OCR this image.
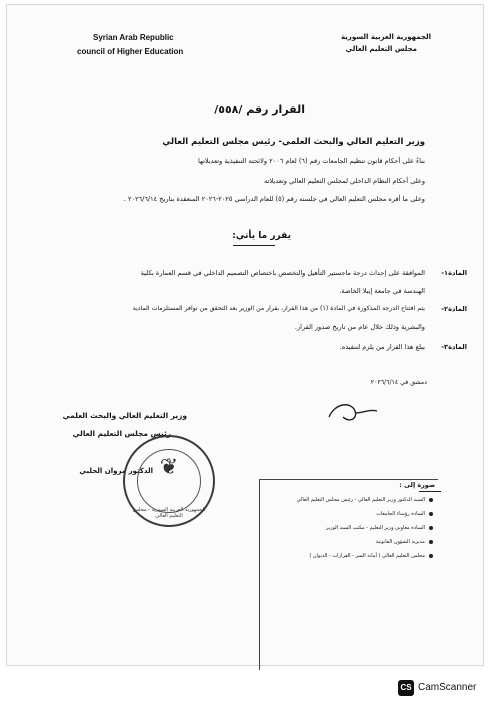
Syrian Arab Republic
council of Higher Education
الجمهورية العربية السورية
مجلس التعليم العالي
القرار رقم /٥٥٨/
وزير التعليم العالي والبحث العلمي- رئيس مجلس التعليم العالي
بناءً على أحكام قانون تنظيم الجامعات رقم (٦) لعام ٢٠٠٦ ولائحته التنفيذية وتعديلاتها
وعلى أحكام النظام الداخلي لمجلس التعليم العالي وتعديلاته
وعلى ما أقره مجلس التعليم العالي في جلسته رقم (٥) للعام الدراسي ٢٠٢٥-٢٠٢٦ المنعقدة بتاريخ ٢٠٢٦/٦/١٤ .
يقرر ما يأتي:
المادة١-
الموافقة على إحداث درجة ماجستير التأهيل والتخصص باختصاص التصميم الداخلي في قسم العمارة بكلية
الهندسة في جامعة إيبلا الخاصة.
المادة٢-
يتم افتتاح الدرجة المذكورة في المادة (١) من هذا القرار، بقرار من الوزير بعد التحقق من توافر المستلزمات المادية
والبشرية وذلك خلال عام من تاريخ صدور القرار.
المادة٣-
يبلغ هذا القرار من يلزم لتنفيذه.
دمشق في ٢٠٢٦/٦/١٤
وزير التعليم العالي والبحث العلمي
رئيس مجلس التعليم العالي
الدكتور مروان الحلبي ❦
الجمهورية العربية السورية - مجلس التعليم العالي
صورة إلى :
السيد الدكتور وزير التعليم العالي - رئيس مجلس التعليم العالي
السادة رؤساء الجامعات
السادة معاوني وزير التعليم - مكتب السيد الوزير
مديرية الشؤون القانونية
مجلس التعليم العالي ( أمانة السر - القرارات - الديوان )
CS CamScanner
